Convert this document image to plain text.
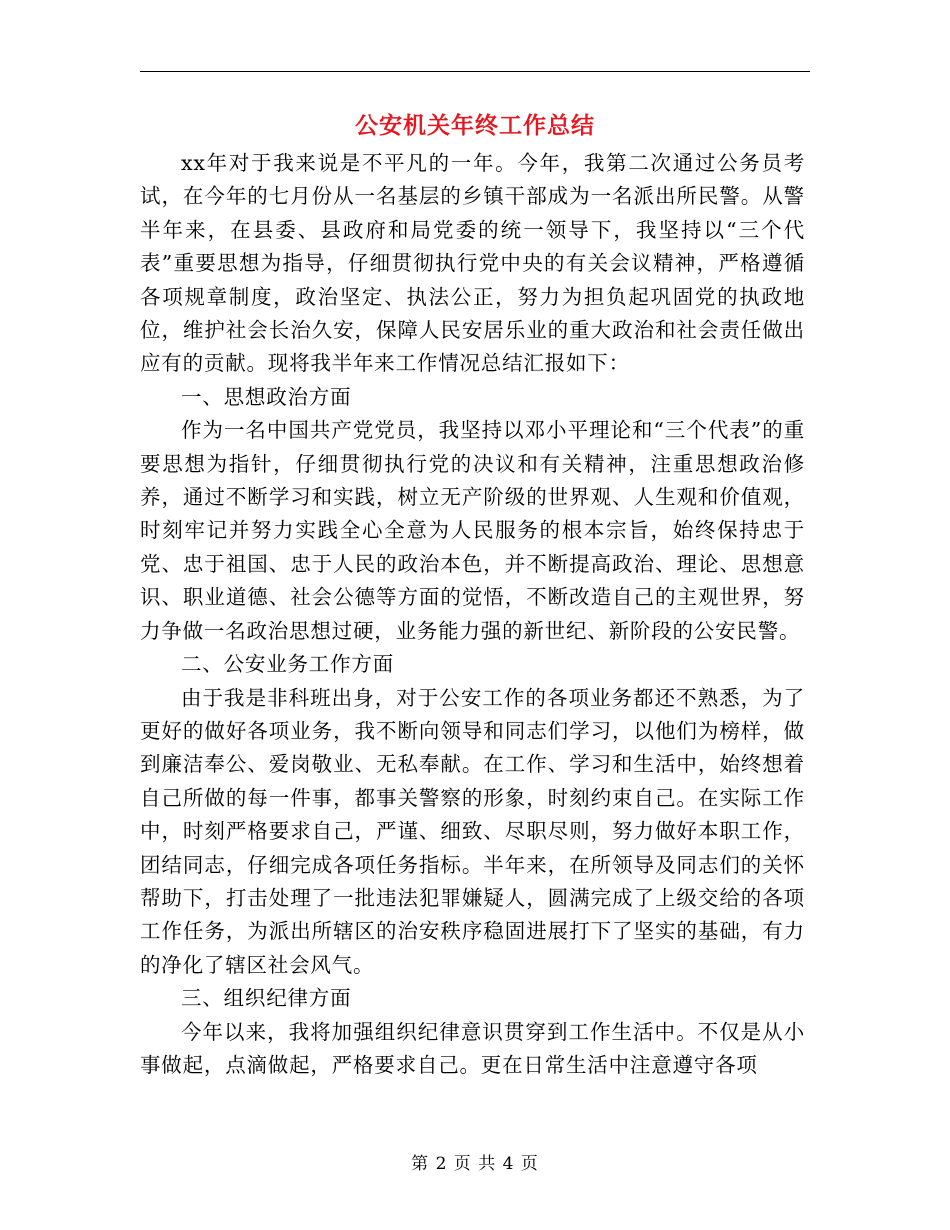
公安机关年终工作总结

xx年对于我来说是不平凡的一年。今年，我第二次通过公务员考试，在今年的七月份从一名基层的乡镇干部成为一名派出所民警。从警半年来，在县委、县政府和局党委的统一领导下，我坚持以“三个代表”重要思想为指导，仔细贯彻执行党中央的有关会议精神，严格遵循各项规章制度，政治坚定、执法公正，努力为担负起巩固党的执政地位，维护社会长治久安，保障人民安居乐业的重大政治和社会责任做出应有的贡献。现将我半年来工作情况总结汇报如下：

一、思想政治方面

作为一名中国共产党党员，我坚持以邓小平理论和“三个代表”的重要思想为指针，仔细贯彻执行党的决议和有关精神，注重思想政治修养，通过不断学习和实践，树立无产阶级的世界观、人生观和价值观，时刻牢记并努力实践全心全意为人民服务的根本宗旨，始终保持忠于党、忠于祖国、忠于人民的政治本色，并不断提高政治、理论、思想意识、职业道德、社会公德等方面的觉悟，不断改造自己的主观世界，努力争做一名政治思想过硬，业务能力强的新世纪、新阶段的公安民警。

二、公安业务工作方面

由于我是非科班出身，对于公安工作的各项业务都还不熟悉，为了更好的做好各项业务，我不断向领导和同志们学习，以他们为榜样，做到廉洁奉公、爱岗敬业、无私奉献。在工作、学习和生活中，始终想着自己所做的每一件事，都事关警察的形象，时刻约束自己。在实际工作中，时刻严格要求自己，严谨、细致、尽职尽则，努力做好本职工作，团结同志，仔细完成各项任务指标。半年来，在所领导及同志们的关怀帮助下，打击处理了一批违法犯罪嫌疑人，圆满完成了上级交给的各项工作任务，为派出所辖区的治安秩序稳固进展打下了坚实的基础，有力的净化了辖区社会风气。

三、组织纪律方面

今年以来，我将加强组织纪律意识贯穿到工作生活中。不仅是从小事做起，点滴做起，严格要求自己。更在日常生活中注意遵守各项

第 2 页 共 4 页
